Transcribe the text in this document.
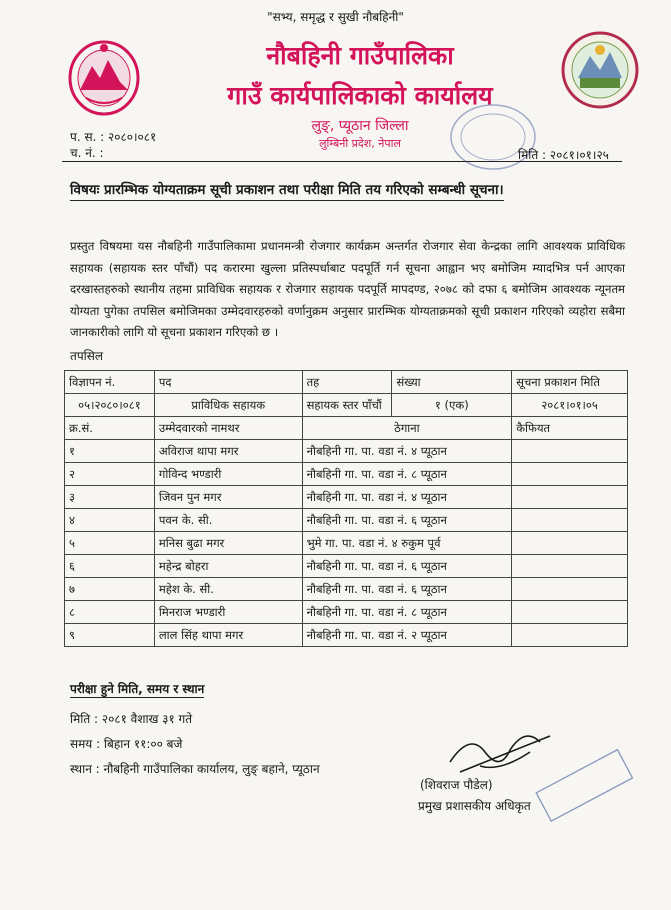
"सभ्य, समृद्ध र सुखी नौबहिनी"
नौबहिनी गाउँपालिका
गाउँ कार्यपालिकाको कार्यालय
लुङ्, प्यूठान जिल्ला
लुम्बिनी प्रदेश, नेपाल
प. स. : २०८०।०८१
च. नं. :	मिति : २०८१।०१।२५
विषयः प्रारम्भिक योग्यताक्रम सूची प्रकाशन तथा परीक्षा मिति तय गरिएको सम्बन्धी सूचना।
प्रस्तुत विषयमा यस नौबहिनी गाउँपालिकामा प्रधानमन्त्री रोजगार कार्यक्रम अन्तर्गत रोजगार सेवा केन्द्रका लागि आवश्यक प्राविधिक सहायक (सहायक स्तर पाँचौं) पद करारमा खुल्ला प्रतिस्पर्धाबाट पदपूर्ति गर्न सूचना आह्वान भए बमोजिम म्यादभित्र पर्न आएका दरखास्तहरुको स्थानीय तहमा प्राविधिक सहायक र रोजगार सहायक पदपूर्ति मापदण्ड, २०७८ को दफा ६ बमोजिम आवश्यक न्यूनतम योग्यता पुगेका तपसिल बमोजिमका उम्मेदवारहरुको वर्णानुक्रम अनुसार प्रारम्भिक योग्यताक्रमको सूची प्रकाशन गरिएको व्यहोरा सबैमा जानकारीको लागि यो सूचना प्रकाशन गरिएको छ ।
तपसिल
विज्ञापन नं.	पद	तह	संख्या	सूचना प्रकाशन मिति
०५।२०८०।०८१	प्राविधिक सहायक	सहायक स्तर पाँचौं	१ (एक)	२०८१।०१।०५
क्र.सं.	उम्मेदवारको नामथर	ठेगाना		कैफियत
१	अविराज थापा मगर	नौबहिनी गा. पा. वडा नं. ४ प्यूठान		
२	गोविन्द भण्डारी	नौबहिनी गा. पा. वडा नं. ८ प्यूठान		
३	जिवन पुन मगर	नौबहिनी गा. पा. वडा नं. ४ प्यूठान		
४	पवन के. सी.	नौबहिनी गा. पा. वडा नं. ६ प्यूठान		
५	मनिस बुढा मगर	भुमे गा. पा. वडा नं. ४ रुकुम पूर्व		
६	महेन्द्र बोहरा	नौबहिनी गा. पा. वडा नं. ६ प्यूठान		
७	महेश के. सी.	नौबहिनी गा. पा. वडा नं. ६ प्यूठान		
८	मिनराज भण्डारी	नौबहिनी गा. पा. वडा नं. ८ प्यूठान		
९	लाल सिंह थापा मगर	नौबहिनी गा. पा. वडा नं. २ प्यूठान		
परीक्षा हुने मिति, समय र स्थान
मिति : २०८१ वैशाख ३१ गते
समय : बिहान ११:०० बजे
स्थान : नौबहिनी गाउँपालिका कार्यालय, लुङ् बहाने, प्यूठान
(शिवराज पौडेल)
प्रमुख प्रशासकीय अधिकृत
